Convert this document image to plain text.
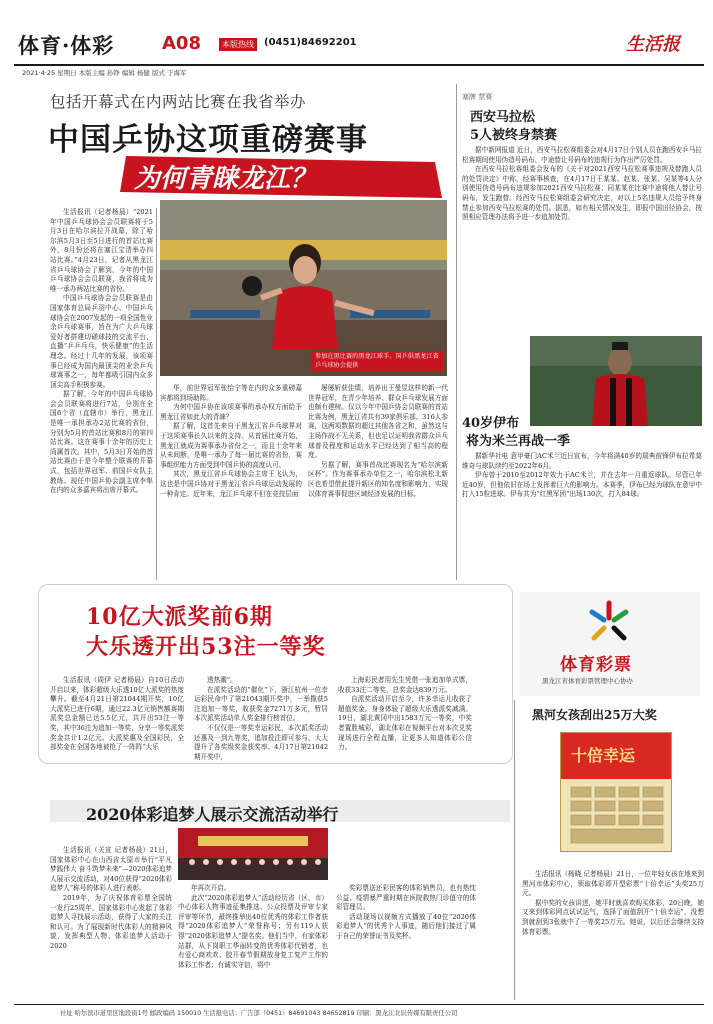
体育·体彩	A08	本版热线	(0451)84692201	生活报
2021·4·25 星期日 本版主编 孙铮 编辑 杨健 版式 于海军
包括开幕式在内两站比赛在我省举办
中国乒协这项重磅赛事
为何青睐龙江？
参加在黑比赛的黑龙江球手。国乒供黑龙江省乒乓球协会提供

生活报讯（记者杨晨）“2021年中国乒乓球协会会员联赛将于5月3日在哈尔滨拉开战幕，除了哈尔滨5月3日至5日进行的首站比赛外，8月份还将在塞江宝清举办四站比赛。”4月23日，记者从黑龙江省乒乓球协会了解到，今年的中国乒乓球协会会员联赛，我省将成为唯一承办两站比赛的省份。

中国乒乓球协会会员联赛是由国家体育总局乒羽中心、中国乒乓球协会在2007发起的一项全国性业余乒乓球赛事，旨在为广大乒乓球爱好者搭建切磋球技的交流平台，直播“乒乒乓乓，快乐健康”的生活理念。经过十几年的发展，该项赛事已经成为国内最顶尖的业余乒乓球赛事之一，每年都吸引国内众多顶尖高手积极参赛。

据了解，今年的中国乒乓球协会会员联赛将进行7站，分别在全国6个省（直辖市）举行，黑龙江是唯一承担承办2站比赛的省份，分别为5月的首站比赛和8月的第四站比赛。这在赛事十余年的历史上尚属首次。其中，5月3日开始的首站比赛由于是今年整个联赛的开幕式，包括世界冠军、前国乒女队主教练、现任中国乒协会副主席李隼在内的众多嘉宾将出席开幕式。

华，前世界冠军张怡宁等在内的众多重磅嘉宾都将到场助阵。

为何中国乒协在该项赛事的承办权方面给予黑龙江省如此大的青睐？

据了解，这首先来自于黑龙江省乒乓球界对于这项赛事长久以来的支持。从首届比赛开始，黑龙江就成为赛事承办省份之一，而且十余年来从未间断，是唯一承办了每一届比赛的省份，赛事组织能力方面受到中国乒协的高度认可。

其次，黑龙江省乒乓球协会主席王飞认为，这也是中国乒协对于黑龙江省乒乓球运动发展的一种肯定。近年来，龙江乒乓球不但在竞技层面

屡屡斩获佳绩，培养出王曼昱这样的新一代世界冠军，在青少年培养、群众乒乓球发展方面也颇有建树。仅以今年中国乒协会员联赛的首站比赛为例，黑龙江省共有39家俱乐部、316人参赛，这两项数据均超过其他各省之和，虽然这与主场作战不无关系，但也足以证明我省群众乒乓球普及程度和运动水平已经达到了相当高的程度。

另据了解，赛事首战比赛现名为“哈尔滨新区杯”。作为赛事承办单位之一，哈尔滨松北新区也希望借此提升新区的知名度和影响力，实现以体育赛事促进区域经济发展的目标。

塞牌 禁赛
西安马拉松
5人被终身禁赛

据中新网报道 近日，西安马拉松赛组委会对4月17日个别人员在跑西安乒马拉松赛期间使用伪造号码布、中途替让号码布的违规行为作出严厉处罚。

在西安马拉松赛组委会发布的《关于对2021西安马拉松赛事违规及替跑人员的处罚决定》中称，经赛事核查，在4月17日王某某、赵某、张某、吴某等4人分别使用伪造号码布违规参加2021西安马拉松赛；同某某在比赛中途将他人替让号码布，发生跑替。经西安马拉松赛组委会研究决定，对以上5名违规人员给予终身禁止参加西安马拉松赛的处罚。据悉，如有相关情况发生，即报中国田径协会，按照相应管理办法将予进一步追加处罚。

40岁伊布
将为米兰再战一季

据新华社电 意甲豪门AC米兰近日宣布，今年将满40岁的瑞典前锋伊布拉希莫维奇与球队续约至2022年6月。

伊布曾于2010至2012年效力于AC米兰，并在去年一月重返球队。尽管已年近40岁，但他依旧在场上发挥着巨大的影响力。本赛季，伊布已经为球队在意甲中打入15粒进球。伊布共为“红黑军团”出场130次，打入84球。

10亿大派奖前6期
大乐透开出53注一等奖
体育彩票
黑龙江省体育彩票管理中心协办

生活报讯（周伊 记者杨晨）自10日活动开启以来，体彩超级大乐透10亿大派奖的热度攀升。截至4月21日第21044期开奖，10亿大派奖已进行6期，通过22.3亿元销售额赛期派奖总金额已达5.5亿元，共开出53注一等奖，其中36注为追加一等奖，分享一等奖派奖奖金共计1.2亿元。大派奖惠及全国彩民，全部奖金在全国各地被抢了一阵阵“大乐

透热潮”。

在派奖活动的“催化”下，浙江杭州一位幸运彩民命中了第21043期开奖中，一举揽获5注追加一等奖，收获奖金7271万多元，暂居本次派奖活动单人奖金排行榜首位。

不仅仅是一等奖幸运彩民，本次派奖活动还惠及一到九等奖，追加投注即可参与，大大提升了各奖级奖金获奖率。4月17日第21042期开奖中，

上海彩民者用先生凭借一张追加单式票，收获33注二等奖，总奖金达839万元。

自派奖活动开启至今，许多幸运儿收获了超值奖金。身身体验了超级大乐透派奖减满。19日，湖北黄冈中出1583万元一等奖，中奖者置胜城彩，湖北体彩在视频平台对本次兑奖现场进行全程直播，让更多人知道体彩公信力。

2020体彩追梦人展示交流活动举行

生活报讯（关宣 记者杨晨）21日，国家体彩中心在山西省太原市举行“平凡梦践伟大 奋斗筑梦未来”—2020体彩追梦人展示交流活动，对40位获得“2020体彩追梦人”称号的体彩人进行表彰。

2019年，为了庆祝体育彩票全国统一发行25周年，国家体彩中心发起了体彩追梦人寻找展示活动，获得了大家的关注和认可。为了展现新时代体彩人的精神风貌，发挥典型人物、体彩追梦人活动于2020

年再次开启。

此次“2020体彩追梦人”活动经历省（区、市）中心体彩人物事迹征集推选、公众投票及评审专家评审等环节，最终推举出40位优秀的体彩工作者获得“2020体彩追梦人”荣誉称号；另有119人获得“2020体彩追梦人”提名奖。他们当中，有家体彩站群，从下岗职工华丽转变的优秀体彩代销者，也有爱心商欢欢、胶开春节假期放身复工复产工作的体彩工作者；有诚实守信，将中

奖彩票送还彩民客的体彩销售员，也有热忱公益、疫情暴严重时期在医院救热门诊值守的体彩管理员。

活动现场以视频方式播放了40位“2020体彩追梦人”的优秀个人事迹，随后他们接过了属于自己的荣誉证书及奖杯。

黑河女孩刮出25万大奖
十倍幸运

生活报讯（杨晓 记者杨晨）21日，一位年轻女孩在地来到黑河市体彩中心，领取体彩即开型彩票“十倍幸运”头奖25万元。

据中奖的女孩讲述，她平时就喜欢购买体彩，20日晚，她又来到体彩网点试试运气，选择了面值刮开“十倍幸运”，没想到就刮到3张就中了一等奖25万元。她说，以后还会继续支持体育彩票。

社址 哈尔滨市道里区地段街1号 邮政编码 150010 生活报电话：广告部（0451）84691043 84652819 印刷：黑龙江北辰传媒有限责任公司
